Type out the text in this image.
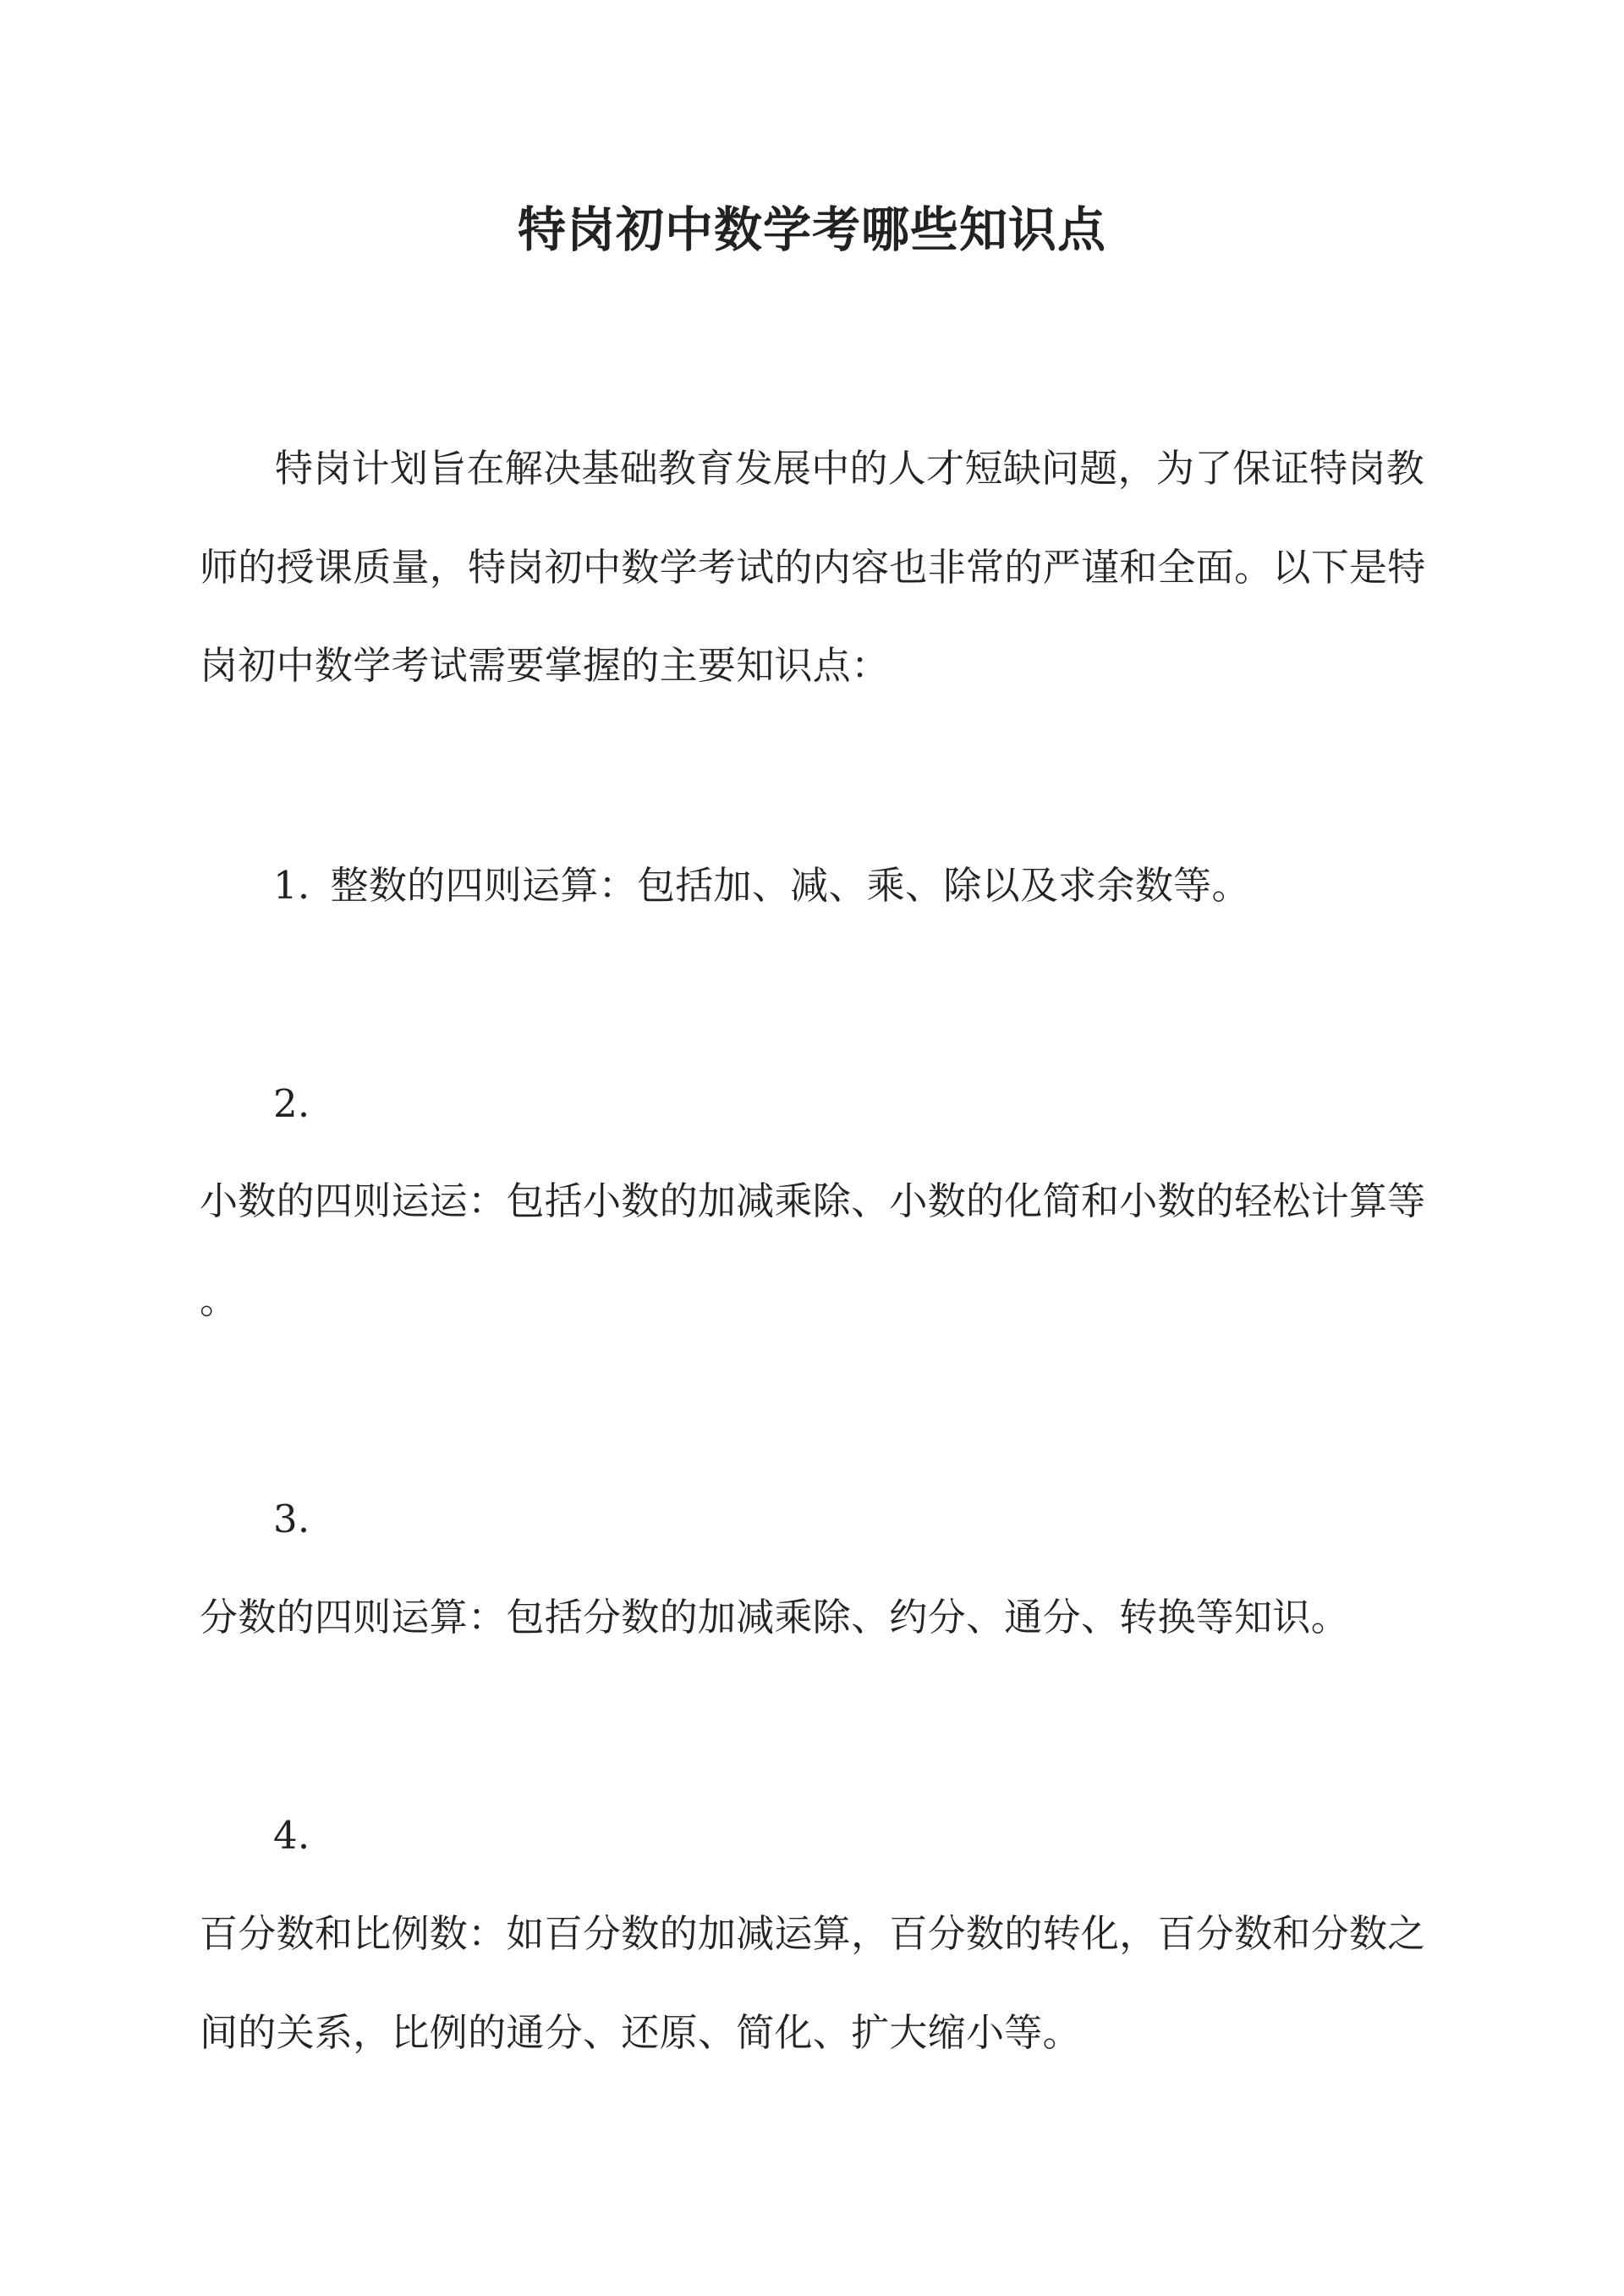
特岗初中数学考哪些知识点
特岗计划旨在解决基础教育发展中的人才短缺问题，为了保证特岗教
师的授课质量，特岗初中数学考试的内容也非常的严谨和全面。以下是特
岗初中数学考试需要掌握的主要知识点：
1. 整数的四则运算：包括加、减、乘、除以及求余数等。
2.
小数的四则运运：包括小数的加减乘除、小数的化简和小数的轻松计算等
。
3.
分数的四则运算：包括分数的加减乘除、约分、通分、转换等知识。
4.
百分数和比例数：如百分数的加减运算，百分数的转化，百分数和分数之
间的关系，比例的通分、还原、简化、扩大缩小等。
